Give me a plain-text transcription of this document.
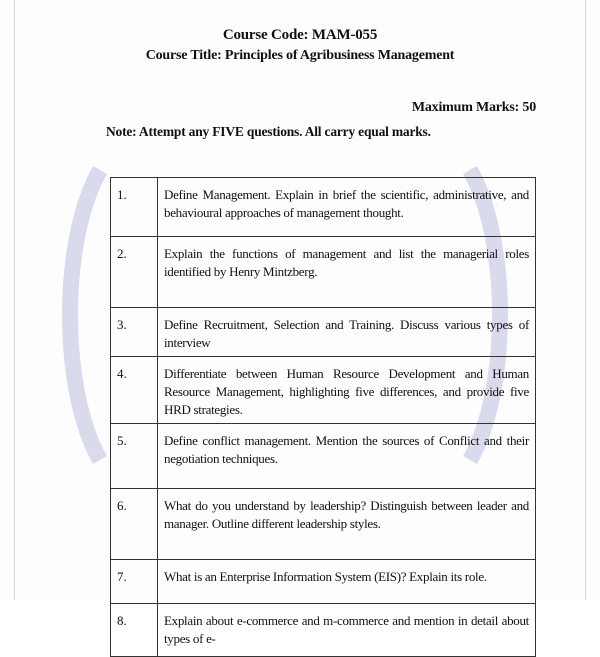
Course Code: MAM-055
Course Title: Principles of Agribusiness Management
Maximum Marks: 50
Note: Attempt any FIVE questions. All carry equal marks.
1.	Define Management. Explain in brief the scientific, administrative, and behavioural approaches of management thought.
2.	Explain the functions of management and list the managerial roles identified by Henry Mintzberg.
3.	Define Recruitment, Selection and Training. Discuss various types of interview
4.	Differentiate between Human Resource Development and Human Resource Management, highlighting five differences, and provide five HRD strategies.
5.	Define conflict management. Mention the sources of Conflict and their negotiation techniques.
6.	What do you understand by leadership? Distinguish between leader and manager. Outline different leadership styles.
7.	What is an Enterprise Information System (EIS)? Explain its role.
8.	Explain about e-commerce and m-commerce and mention in detail about types of e-
